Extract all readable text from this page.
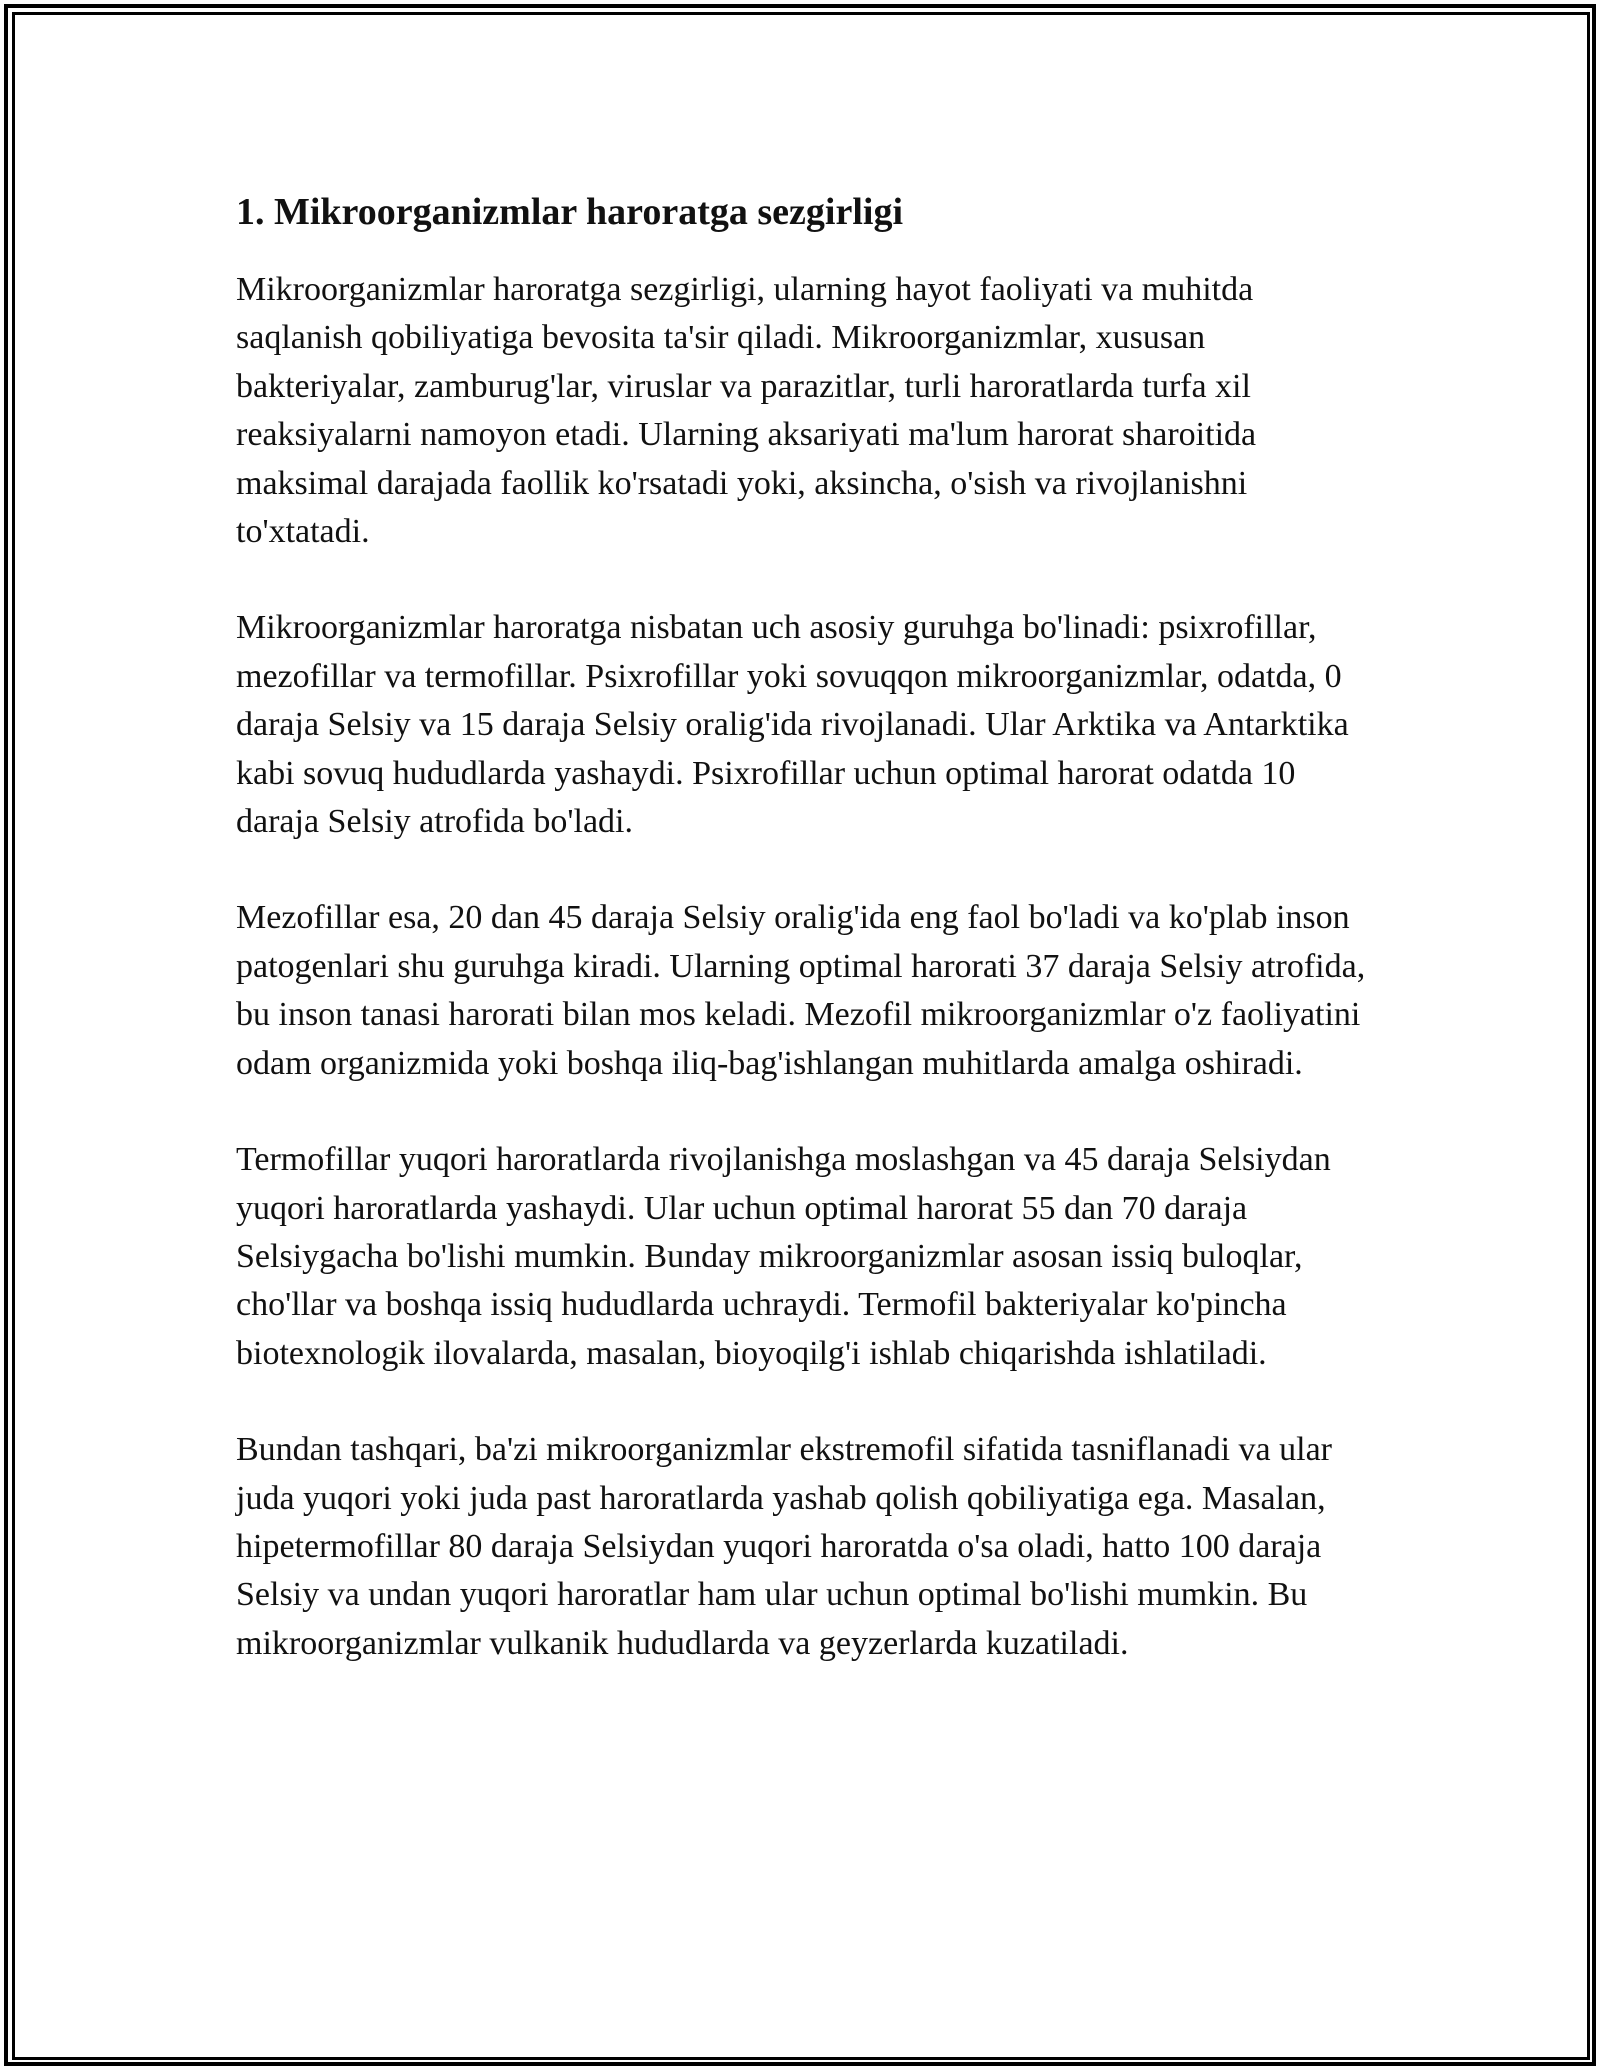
1. Mikroorganizmlar haroratga sezgirligi

Mikroorganizmlar haroratga sezgirligi, ularning hayot faoliyati va muhitda saqlanish qobiliyatiga bevosita ta'sir qiladi. Mikroorganizmlar, xususan bakteriyalar, zamburug'lar, viruslar va parazitlar, turli haroratlarda turfa xil reaksiyalarni namoyon etadi. Ularning aksariyati ma'lum harorat sharoitida maksimal darajada faollik ko'rsatadi yoki, aksincha, o'sish va rivojlanishni to'xtatadi.

Mikroorganizmlar haroratga nisbatan uch asosiy guruhga bo'linadi: psixrofillar, mezofillar va termofillar. Psixrofillar yoki sovuqqon mikroorganizmlar, odatda, 0 daraja Selsiy va 15 daraja Selsiy oralig'ida rivojlanadi. Ular Arktika va Antarktika kabi sovuq hududlarda yashaydi. Psixrofillar uchun optimal harorat odatda 10 daraja Selsiy atrofida bo'ladi.

Mezofillar esa, 20 dan 45 daraja Selsiy oralig'ida eng faol bo'ladi va ko'plab inson patogenlari shu guruhga kiradi. Ularning optimal harorati 37 daraja Selsiy atrofida, bu inson tanasi harorati bilan mos keladi. Mezofil mikroorganizmlar o'z faoliyatini odam organizmida yoki boshqa iliq-bag'ishlangan muhitlarda amalga oshiradi.

Termofillar yuqori haroratlarda rivojlanishga moslashgan va 45 daraja Selsiydan yuqori haroratlarda yashaydi. Ular uchun optimal harorat 55 dan 70 daraja Selsiygacha bo'lishi mumkin. Bunday mikroorganizmlar asosan issiq buloqlar, cho'llar va boshqa issiq hududlarda uchraydi. Termofil bakteriyalar ko'pincha biotexnologik ilovalarda, masalan, bioyoqilg'i ishlab chiqarishda ishlatiladi.

Bundan tashqari, ba'zi mikroorganizmlar ekstremofil sifatida tasniflanadi va ular juda yuqori yoki juda past haroratlarda yashab qolish qobiliyatiga ega. Masalan, hipetermofillar 80 daraja Selsiydan yuqori haroratda o'sa oladi, hatto 100 daraja Selsiy va undan yuqori haroratlar ham ular uchun optimal bo'lishi mumkin. Bu mikroorganizmlar vulkanik hududlarda va geyzerlarda kuzatiladi.
